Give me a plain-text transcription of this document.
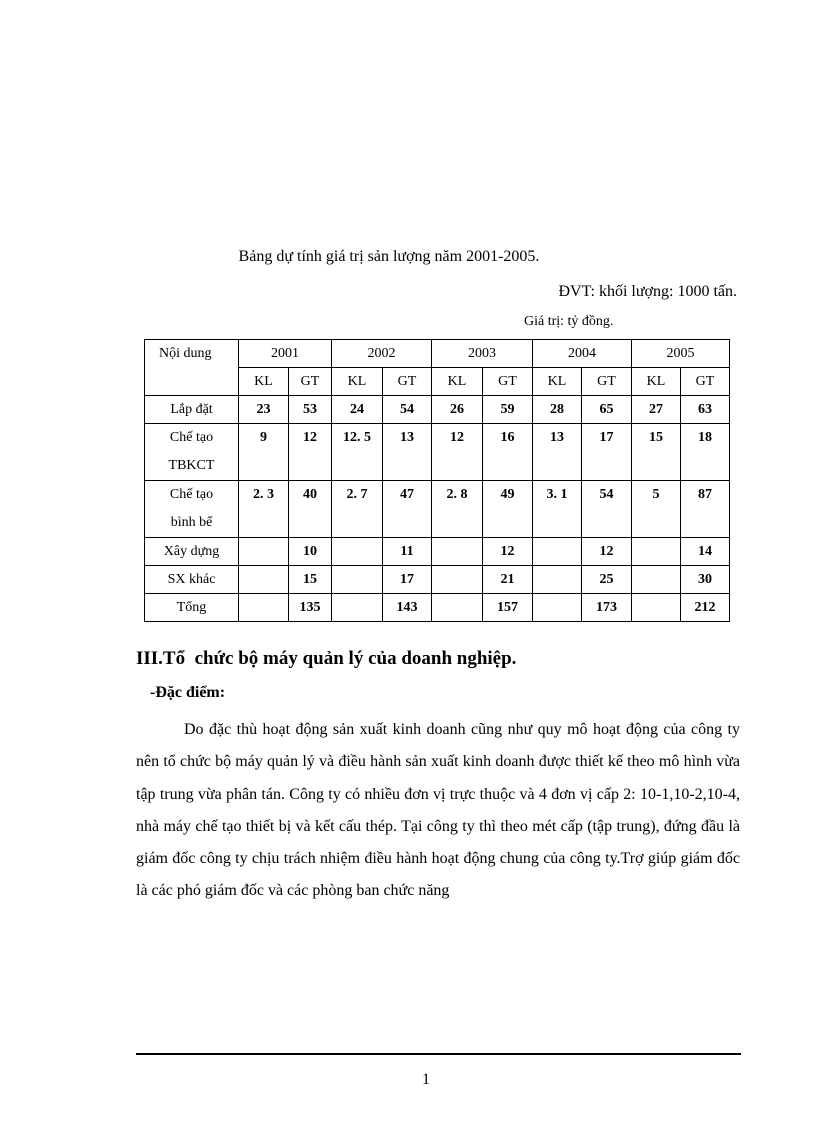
Bảng dự tính giá trị sản lượng năm 2001-2005.
ĐVT: khối lượng: 1000 tấn.
Giá trị: tỷ đồng.
Nội dung	2001		2002		2003		2004		2005	
	KL	GT	KL	GT	KL	GT	KL	GT	KL	GT
Lắp đặt	23	53	24	54	26	59	28	65	27	63

Chế tạo
TBKCT	9	12	12. 5	13	12	16	13	17	15	18

Chế tạo
bình bể	2. 3	40	2. 7	47	2. 8	49	3. 1	54	5	87
Xây dựng		10		11		12		12		14
SX khác		15		17		21		25		30
Tổng		135		143		157		173		212
III.Tổ  chức bộ máy quản lý của doanh nghiệp.
-Đặc điểm:
Do đặc thù hoạt động sản xuất kinh doanh cũng như quy mô hoạt động của công ty nên tổ chức bộ máy quản lý và điều hành sản xuất kinh doanh được thiết kế theo mô hình vừa tập trung vừa phân tán. Công ty có nhiều đơn vị trực thuộc và 4 đơn vị cấp 2: 10-1,10-2,10-4, nhà máy chế tạo thiết bị và kết cấu thép. Tại công ty thì theo mét cấp (tập trung), đứng đầu là giám đốc công ty chịu trách nhiệm điều hành hoạt động chung của công ty.Trợ giúp giám đốc là các phó giám đốc và các phòng ban chức năng
1
